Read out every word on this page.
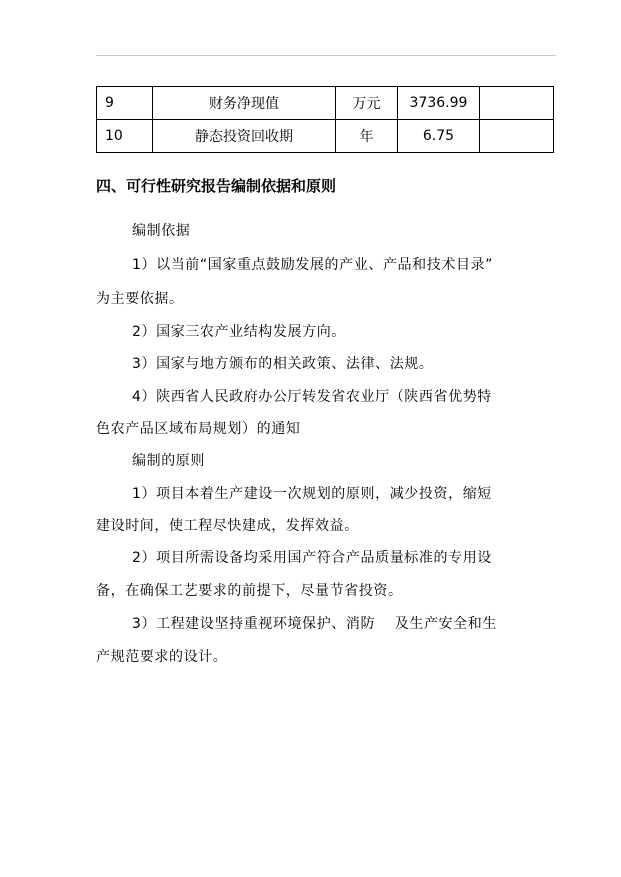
9	财务净现值	万元	3736.99	
10	静态投资回收期	年	6.75	
四、可行性研究报告编制依据和原则
编制依据
1）以当前“国家重点鼓励发展的产业、产品和技术目录”
为主要依据。
2）国家三农产业结构发展方向。
3）国家与地方颁布的相关政策、法律、法规。
4）陕西省人民政府办公厅转发省农业厅（陕西省优势特
色农产品区域布局规划）的通知
编制的原则
1）项目本着生产建设一次规划的原则，减少投资，缩短
建设时间，使工程尽快建成，发挥效益。
2）项目所需设备均采用国产符合产品质量标准的专用设
备，在确保工艺要求的前提下，尽量节省投资。
3）工程建设坚持重视环境保护、消防　 及生产安全和生
产规范要求的设计。
